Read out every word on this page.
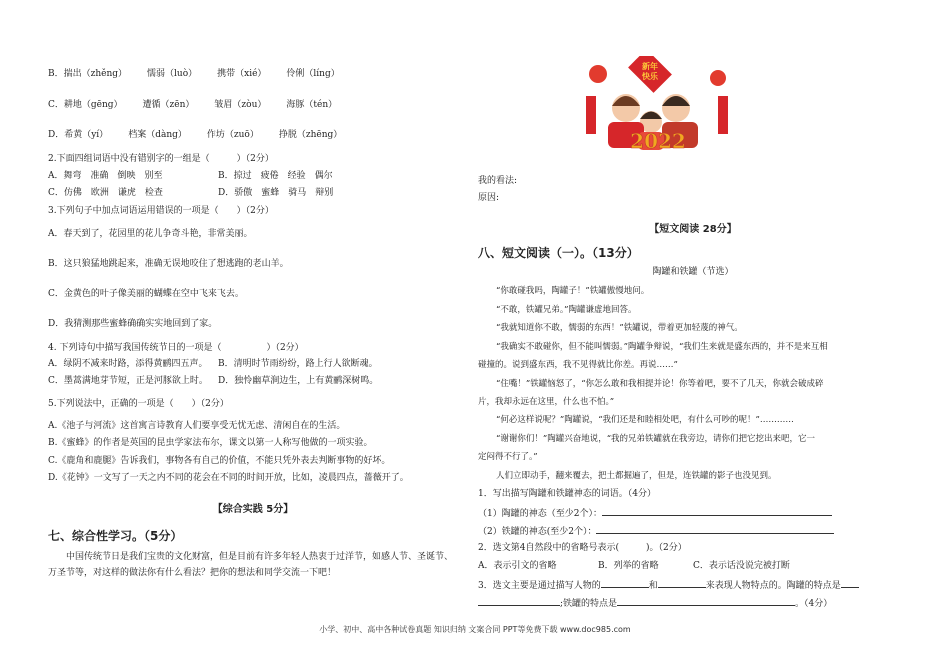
B．揣出（zhěng） 懦弱（luò） 携带（xié） 伶俐（líng）
C．耕地（gēng） 遭循（zēn） 皱眉（zòu） 海豚（tén）
D．希黄（yí） 档案（dàng） 作坊（zuō） 挣脱（zhēng）
2.下面四组词语中没有错别字的一组是（　　　）（2分）
A．舞弯　准确　倒映　别至	B．掠过　疲倦　经验　偶尔
C．仿佛　欧洲　谦虎　检查	D．骄傲　蜜蜂　骑马　辩别
3.下列句子中加点词语运用错误的一项是（　　）（2分）
A．春天到了，花园里的花儿争奇斗艳，非常美丽。
B．这只狼猛地跳起来，准确无误地咬住了想逃跑的老山羊。
C．金黄色的叶子像美丽的蝴蝶在空中飞来飞去。
D．我猜测那些蜜蜂确确实实地回到了家。
4. 下列诗句中描写我国传统节日的一项是（　　　　　）（2分）
A．绿阴不减来时路，添得黄鹂四五声。 B．清明时节雨纷纷，路上行人欲断魂。
C．墨蒿满地芽节短，正是河豚欲上时。 D．独怜幽草涧边生，上有黄鹂深树鸣。
5.下列说法中，正确的一项是（　　）（2分）
A.《池子与河流》这首寓言诗教育人们要享受无忧无虑、清闲自在的生活。
B.《蜜蜂》的作者是英国的昆虫学家法布尔，课文以第一人称写他做的一项实验。
C.《鹿角和鹿腿》告诉我们，事物各有自己的价值，不能只凭外表去判断事物的好坏。
D.《花钟》一文写了一天之内不同的花会在不同的时间开放，比如，凌晨四点，蔷薇开了。
【综合实践 5分】
七、综合性学习。（5分）
中国传统节日是我们宝贵的文化财富，但是目前有许多年轻人热衷于过洋节，如感人节、圣诞节、万圣节等，对这样的做法你有什么看法？把你的想法和同学交流一下吧！
新年
快乐
2022
我的看法:
原因:
【短文阅读 28分】
八、短文阅读（一）。（13分）
陶罐和铁罐（节选）
“你敢碰我吗，陶罐子！”铁罐傲慢地问。
“不敢，铁罐兄弟。”陶罐谦虚地回答。
“我就知道你不敢，懦弱的东西！”铁罐说，带着更加轻蔑的神气。
“我确实不敢碰你，但不能叫懦弱。”陶罐争辩说，“我们生来就是盛东西的，并不是来互相
碰撞的。说到盛东西，我不见得就比你差。再说……”
“住嘴！”铁罐恼怒了，“你怎么敢和我相提并论！你等着吧，要不了几天，你就会破成碎
片，我却永远在这里，什么也不怕。”
“何必这样说呢？”陶罐说，“我们还是和睦相处吧，有什么可吵的呢！”…………
“谢谢你们！”陶罐兴奋地说，“我的兄弟铁罐就在我旁边，请你们把它挖出来吧，它一
定闷得不行了。”
人们立即动手，翻来覆去，把土都掘遍了，但是，连铁罐的影子也没见到。
1．写出描写陶罐和铁罐神态的词语。（4分）
（1）陶罐的神态（至少2个）：
（2）铁罐的神态(至少2个）：
2．选文第4自然段中的省略号表示(　　　)。（2分）
A．表示引文的省略	B．列举的省略	C．表示话没说完被打断
3．选文主要是通过描写人物的	和	来表现人物特点的。陶罐的特点是
;铁罐的特点是	。（4分）
小学、初中、高中各种试卷真题 知识归纳 文案合同 PPT等免费下载 www.doc985.com
